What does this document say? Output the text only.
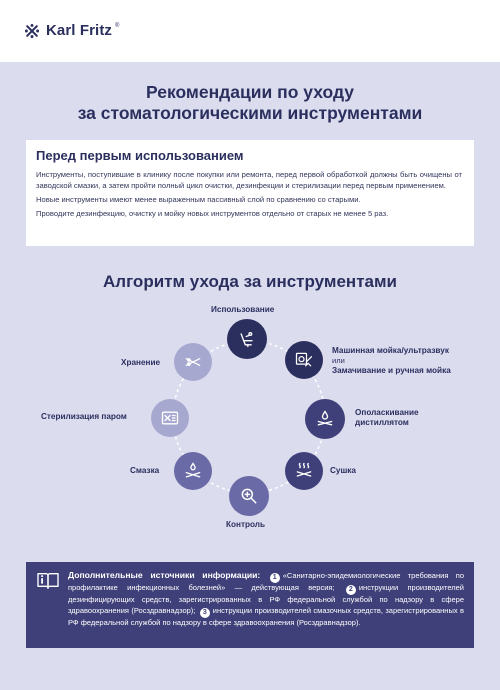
Karl Fritz ®
Рекомендации по уходу
за стоматологическими инструментами
Перед первым использованием

Инструменты, поступившие в клинику после покупки или ремонта, перед первой обработкой должны быть очищены от заводской смазки, а затем пройти полный цикл очистки, дезинфекции и стерилизации перед первым применением.

Новые инструменты имеют менее выраженным пассивный слой по сравнению со старыми.

Проводите дезинфекцию, очистку и мойку новых инструментов отдельно от старых не менее 5 раз.

Алгоритм ухода за инструментами
Использование
Машинная мойка/ультразвук
или
Замачивание и ручная мойка
Ополаскивание
дистиллятом
Сушка
Контроль
Смазка
Стерилизация паром
Хранение
Дополнительные источники информации: 1 «Санитарно-эпидемиологические требования по профилактике инфекционных болезней» — действующая версия; 2 инструкции производителей дезинфицирующих средств, зарегистрированных в РФ федеральной службой по надзору в сфере здравоохранения (Росздравнадзор); 3 инструкции производителей смазочных средств, зарегистрированных в РФ федеральной службой по надзору в сфере здравоохранения (Росздравнадзор).
